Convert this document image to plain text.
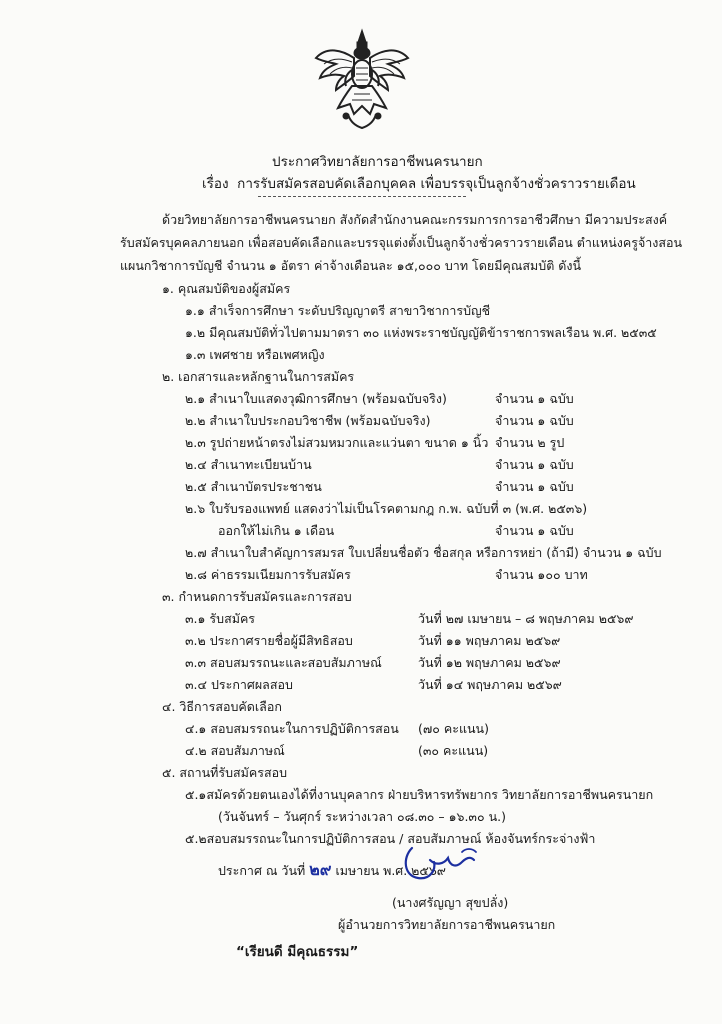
ประกาศวิทยาลัยการอาชีพนครนายก
เรื่อง การรับสมัครสอบคัดเลือกบุคคล เพื่อบรรจุเป็นลูกจ้างชั่วคราวรายเดือน
ด้วยวิทยาลัยการอาชีพนครนายก สังกัดสำนักงานคณะกรรมการการอาชีวศึกษา มีความประสงค์
รับสมัครบุคคลภายนอก เพื่อสอบคัดเลือกและบรรจุแต่งตั้งเป็นลูกจ้างชั่วคราวรายเดือน ตำแหน่งครูจ้างสอน
แผนกวิชาการบัญชี จำนวน ๑ อัตรา ค่าจ้างเดือนละ ๑๕,๐๐๐ บาท โดยมีคุณสมบัติ ดังนี้
๑. คุณสมบัติของผู้สมัคร
๑.๑ สำเร็จการศึกษา ระดับปริญญาตรี สาขาวิชาการบัญชี
๑.๒ มีคุณสมบัติทั่วไปตามมาตรา ๓๐ แห่งพระราชบัญญัติข้าราชการพลเรือน พ.ศ. ๒๕๓๕
๑.๓ เพศชาย หรือเพศหญิง
๒. เอกสารและหลักฐานในการสมัคร
๒.๑ สำเนาใบแสดงวุฒิการศึกษา (พร้อมฉบับจริง)	จำนวน ๑ ฉบับ
๒.๒ สำเนาใบประกอบวิชาชีพ (พร้อมฉบับจริง)	จำนวน ๑ ฉบับ
๒.๓ รูปถ่ายหน้าตรงไม่สวมหมวกและแว่นตา ขนาด ๑ นิ้ว จำนวน ๒ รูป
๒.๔ สำเนาทะเบียนบ้าน	จำนวน ๑ ฉบับ
๒.๕ สำเนาบัตรประชาชน	จำนวน ๑ ฉบับ
๒.๖ ใบรับรองแพทย์ แสดงว่าไม่เป็นโรคตามกฎ ก.พ. ฉบับที่ ๓ (พ.ศ. ๒๕๓๖)
ออกให้ไม่เกิน ๑ เดือน	จำนวน ๑ ฉบับ
๒.๗ สำเนาใบสำคัญการสมรส ใบเปลี่ยนชื่อตัว ชื่อสกุล หรือการหย่า (ถ้ามี) จำนวน ๑ ฉบับ
๒.๘ ค่าธรรมเนียมการรับสมัคร	จำนวน ๑๐๐ บาท
๓. กำหนดการรับสมัครและการสอบ
๓.๑ รับสมัคร	วันที่ ๒๗ เมษายน – ๘ พฤษภาคม ๒๕๖๙
๓.๒ ประกาศรายชื่อผู้มีสิทธิสอบ	วันที่ ๑๑ พฤษภาคม ๒๕๖๙
๓.๓ สอบสมรรถนะและสอบสัมภาษณ์	วันที่ ๑๒ พฤษภาคม ๒๕๖๙
๓.๔ ประกาศผลสอบ	วันที่ ๑๔ พฤษภาคม ๒๕๖๙
๔. วิธีการสอบคัดเลือก
๔.๑ สอบสมรรถนะในการปฏิบัติการสอน (๗๐ คะแนน)
๔.๒ สอบสัมภาษณ์	(๓๐ คะแนน)
๕. สถานที่รับสมัครสอบ
๕.๑สมัครด้วยตนเองได้ที่งานบุคลากร ฝ่ายบริหารทรัพยากร วิทยาลัยการอาชีพนครนายก
(วันจันทร์ – วันศุกร์ ระหว่างเวลา ๐๘.๓๐ – ๑๖.๓๐ น.)
๕.๒สอบสมรรถนะในการปฏิบัติการสอน / สอบสัมภาษณ์ ห้องจันทร์กระจ่างฟ้า
ประกาศ ณ วันที่ ๒๙ เมษายน พ.ศ. ๒๕๖๙
(นางศรัญญา สุขปลั่ง)
ผู้อำนวยการวิทยาลัยการอาชีพนครนายก
“เรียนดี มีคุณธรรม”
